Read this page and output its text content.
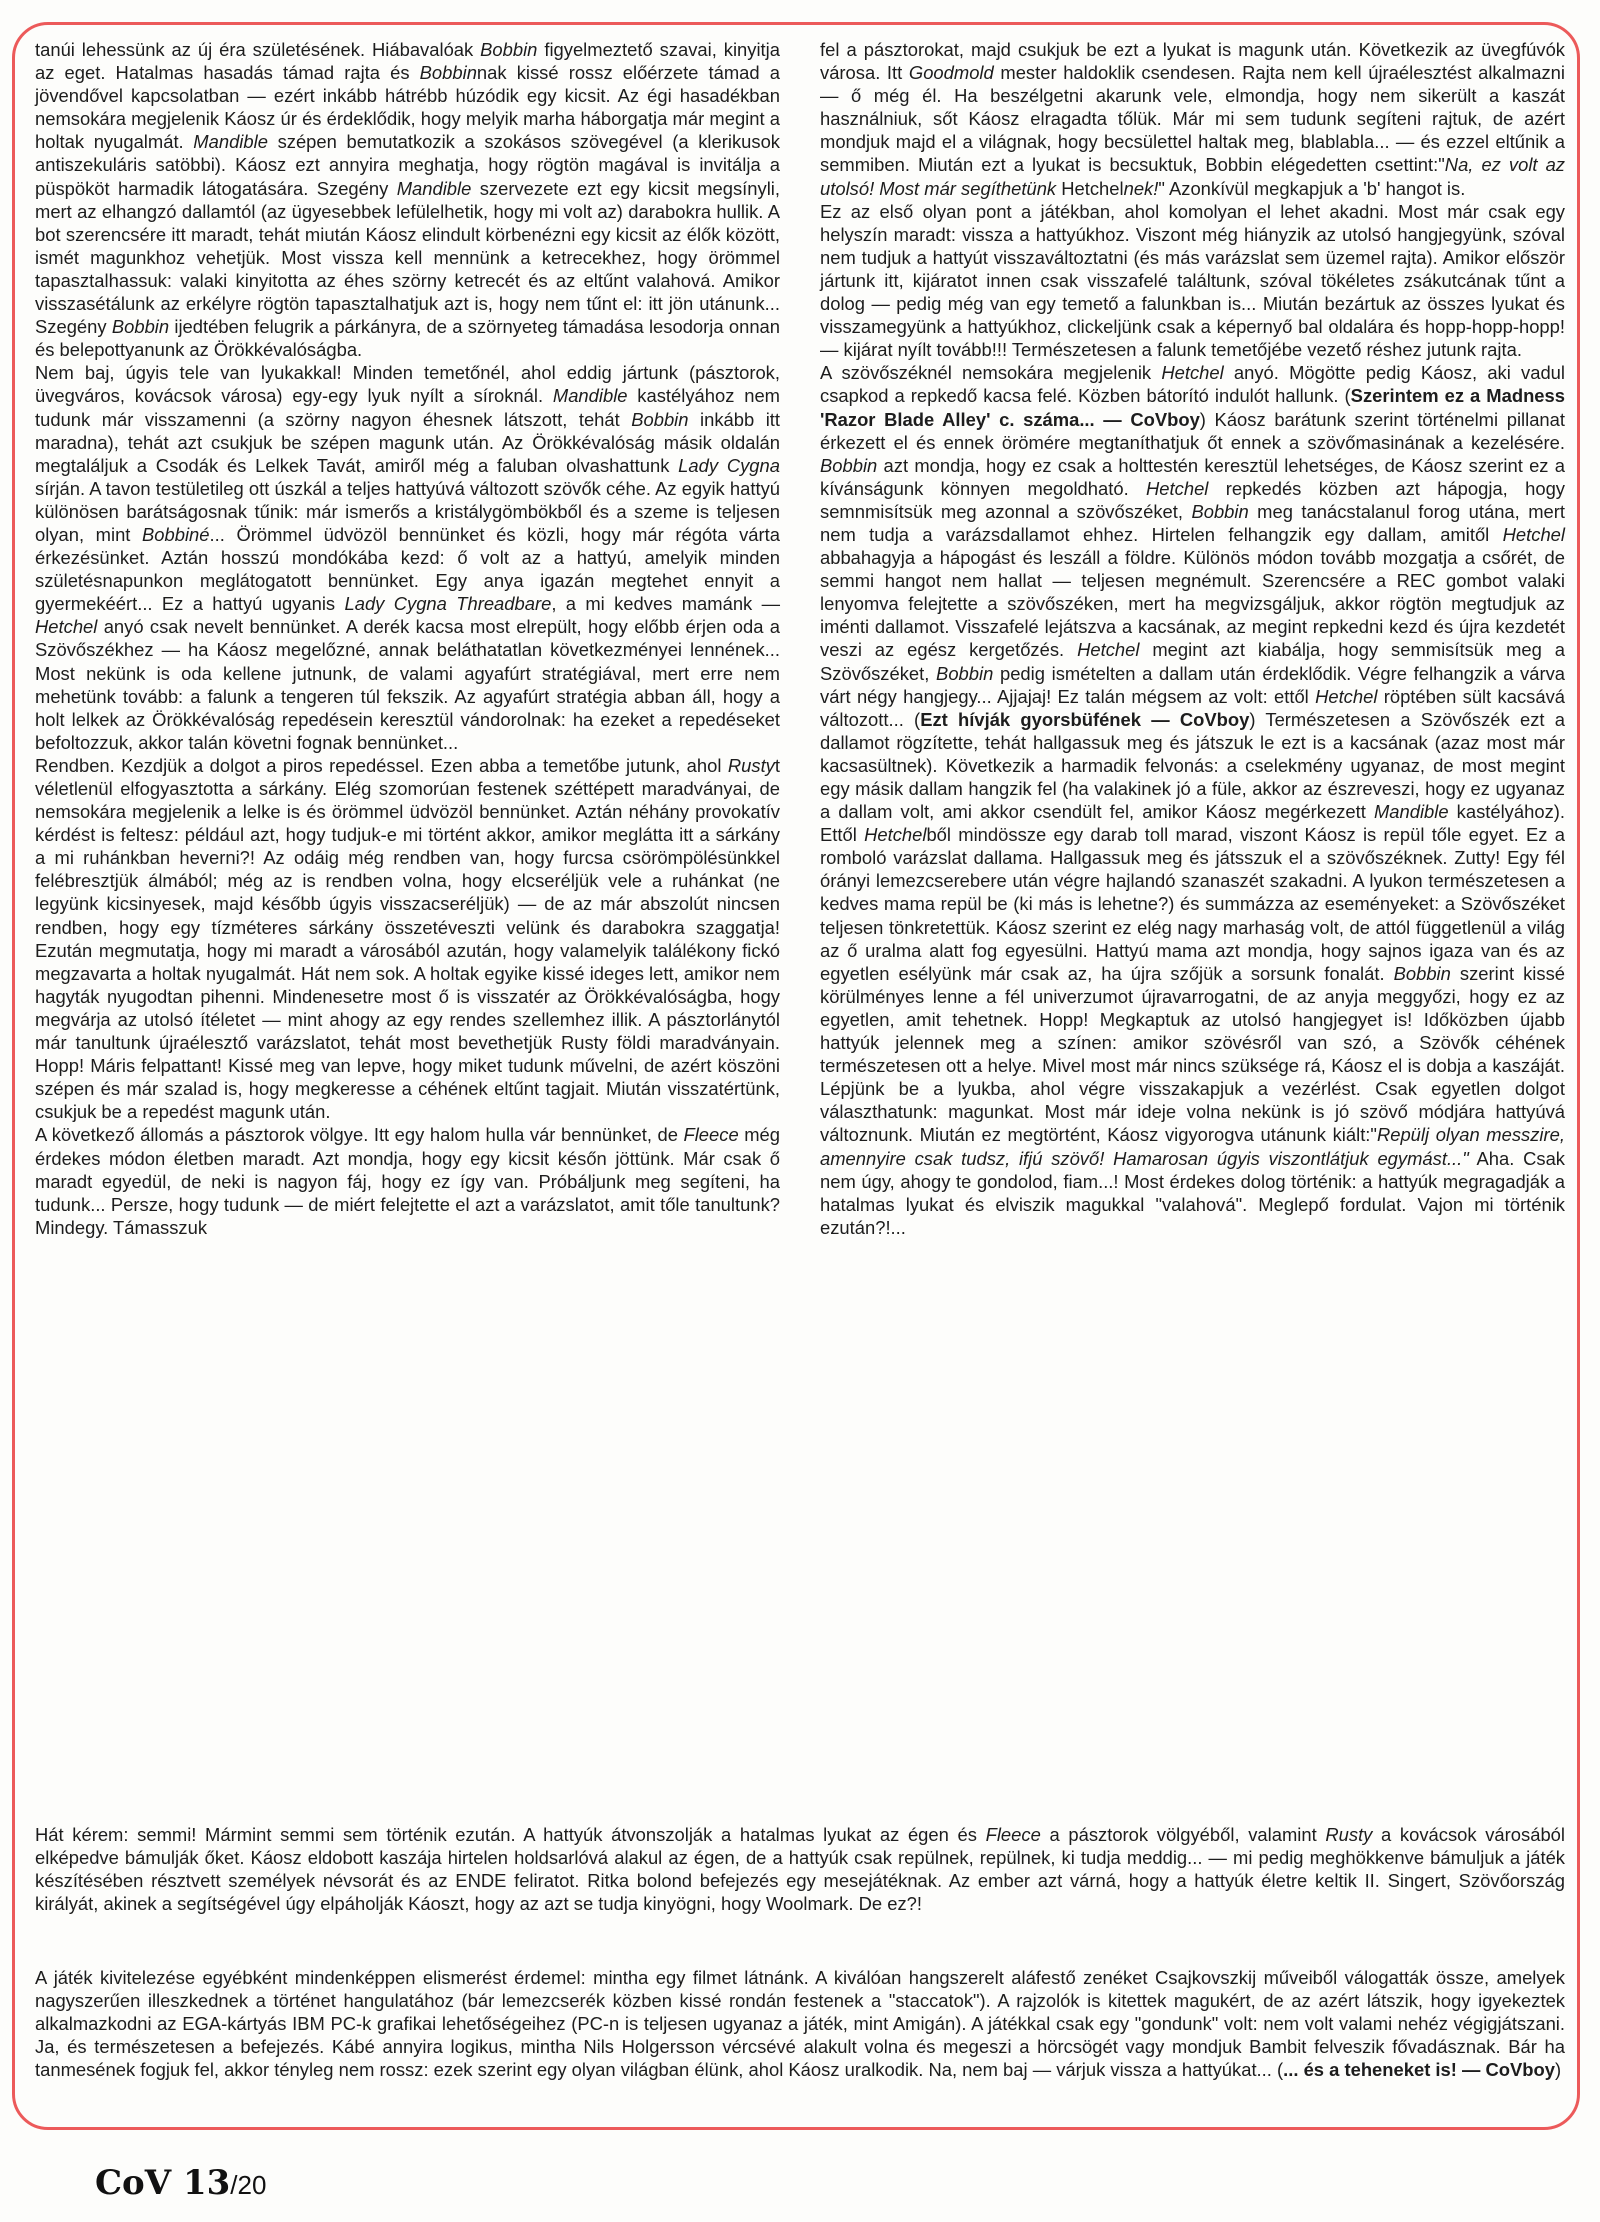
tanúi lehessünk az új éra születésének. Hiábavalóak Bobbin figyelmeztető szavai, kinyitja az eget. Hatalmas hasadás támad rajta és Bobbinnak kissé rossz előérzete támad a jövendővel kapcsolatban — ezért inkább hátrébb húzódik egy kicsit. Az égi hasadékban nemsokára megjelenik Káosz úr és érdeklődik, hogy melyik marha háborgatja már megint a holtak nyugalmát. Mandible szépen bemutatkozik a szokásos szövegével (a klerikusok antiszekuláris satöbbi). Káosz ezt annyira meghatja, hogy rögtön magával is invitálja a püspököt harmadik látogatására. Szegény Mandible szervezete ezt egy kicsit megsínyli, mert az elhangzó dallamtól (az ügyesebbek lefülelhetik, hogy mi volt az) darabokra hullik. A bot szerencsére itt maradt, tehát miután Káosz elindult körbenézni egy kicsit az élők között, ismét magunkhoz vehetjük. Most vissza kell mennünk a ketrecekhez, hogy örömmel tapasztalhassuk: valaki kinyitotta az éhes szörny ketrecét és az eltűnt valahová. Amikor visszasétálunk az erkélyre rögtön tapasztalhatjuk azt is, hogy nem tűnt el: itt jön utánunk... Szegény Bobbin ijedtében felugrik a párkányra, de a szörnyeteg támadása lesodorja onnan és belepottyanunk az Örökkévalóságba.

Nem baj, úgyis tele van lyukakkal! Minden temetőnél, ahol eddig jártunk (pásztorok, üvegváros, kovácsok városa) egy-egy lyuk nyílt a síroknál. Mandible kastélyához nem tudunk már visszamenni (a szörny nagyon éhesnek látszott, tehát Bobbin inkább itt maradna), tehát azt csukjuk be szépen magunk után. Az Örökkévalóság másik oldalán megtaláljuk a Csodák és Lelkek Tavát, amiről még a faluban olvashattunk Lady Cygna sírján. A tavon testületileg ott úszkál a teljes hattyúvá változott szövők céhe. Az egyik hattyú különösen barátságosnak tűnik: már ismerős a kristálygömbökből és a szeme is teljesen olyan, mint Bobbiné... Örömmel üdvözöl bennünket és közli, hogy már régóta várta érkezésünket. Aztán hosszú mondókába kezd: ő volt az a hattyú, amelyik minden születésnapunkon meglátogatott bennünket. Egy anya igazán megtehet ennyit a gyermekéért... Ez a hattyú ugyanis Lady Cygna Threadbare, a mi kedves mamánk — Hetchel anyó csak nevelt bennünket. A derék kacsa most elrepült, hogy előbb érjen oda a Szövőszékhez — ha Káosz megelőzné, annak beláthatatlan következményei lennének... Most nekünk is oda kellene jutnunk, de valami agyafúrt stratégiával, mert erre nem mehetünk tovább: a falunk a tengeren túl fekszik. Az agyafúrt stratégia abban áll, hogy a holt lelkek az Örökkévalóság repedésein keresztül vándorolnak: ha ezeket a repedéseket befoltozzuk, akkor talán követni fognak bennünket...

Rendben. Kezdjük a dolgot a piros repedéssel. Ezen abba a temetőbe jutunk, ahol Rustyt véletlenül elfogyasztotta a sárkány. Elég szomorúan festenek széttépett maradványai, de nemsokára megjelenik a lelke is és örömmel üdvözöl bennünket. Aztán néhány provokatív kérdést is feltesz: például azt, hogy tudjuk-e mi történt akkor, amikor meglátta itt a sárkány a mi ruhánkban heverni?! Az odáig még rendben van, hogy furcsa csörömpölésünkkel felébresztjük álmából; még az is rendben volna, hogy elcseréljük vele a ruhánkat (ne legyünk kicsinyesek, majd később úgyis visszacseréljük) — de az már abszolút nincsen rendben, hogy egy tízméteres sárkány összetéveszti velünk és darabokra szaggatja! Ezután megmutatja, hogy mi maradt a városából azután, hogy valamelyik találékony fickó megzavarta a holtak nyugalmát. Hát nem sok. A holtak egyike kissé ideges lett, amikor nem hagyták nyugodtan pihenni. Mindenesetre most ő is visszatér az Örökkévalóságba, hogy megvárja az utolsó ítéletet — mint ahogy az egy rendes szellemhez illik. A pásztorlánytól már tanultunk újraélesztő varázslatot, tehát most bevethetjük Rusty földi maradványain. Hopp! Máris felpattant! Kissé meg van lepve, hogy miket tudunk művelni, de azért köszöni szépen és már szalad is, hogy megkeresse a céhének eltűnt tagjait. Miután visszatértünk, csukjuk be a repedést magunk után.

A következő állomás a pásztorok völgye. Itt egy halom hulla vár bennünket, de Fleece még érdekes módon életben maradt. Azt mondja, hogy egy kicsit későn jöttünk. Már csak ő maradt egyedül, de neki is nagyon fáj, hogy ez így van. Próbáljunk meg segíteni, ha tudunk... Persze, hogy tudunk — de miért felejtette el azt a varázslatot, amit tőle tanultunk? Mindegy. Támasszuk

fel a pásztorokat, majd csukjuk be ezt a lyukat is magunk után. Következik az üvegfúvók városa. Itt Goodmold mester haldoklik csendesen. Rajta nem kell újraélesztést alkalmazni — ő még él. Ha beszélgetni akarunk vele, elmondja, hogy nem sikerült a kaszát használniuk, sőt Káosz elragadta tőlük. Már mi sem tudunk segíteni rajtuk, de azért mondjuk majd el a világnak, hogy becsülettel haltak meg, blablabla... — és ezzel eltűnik a semmiben. Miután ezt a lyukat is becsuktuk, Bobbin elégedetten csettint:"Na, ez volt az utolsó! Most már segíthetünk Hetchelnek!" Azonkívül megkapjuk a 'b' hangot is.

Ez az első olyan pont a játékban, ahol komolyan el lehet akadni. Most már csak egy helyszín maradt: vissza a hattyúkhoz. Viszont még hiányzik az utolsó hangjegyünk, szóval nem tudjuk a hattyút visszaváltoztatni (és más varázslat sem üzemel rajta). Amikor először jártunk itt, kijáratot innen csak visszafelé találtunk, szóval tökéletes zsákutcának tűnt a dolog — pedig még van egy temető a falunkban is... Miután bezártuk az összes lyukat és visszamegyünk a hattyúkhoz, clickeljünk csak a képernyő bal oldalára és hopp-hopp-hopp! — kijárat nyílt tovább!!! Természetesen a falunk temetőjébe vezető réshez jutunk rajta.

A szövőszéknél nemsokára megjelenik Hetchel anyó. Mögötte pedig Káosz, aki vadul csapkod a repkedő kacsa felé. Közben bátorító indulót hallunk. (Szerintem ez a Madness 'Razor Blade Alley' c. száma... — CoVboy) Káosz barátunk szerint történelmi pillanat érkezett el és ennek örömére megtaníthatjuk őt ennek a szövőmasinának a kezelésére. Bobbin azt mondja, hogy ez csak a holttestén keresztül lehetséges, de Káosz szerint ez a kívánságunk könnyen megoldható. Hetchel repkedés közben azt hápogja, hogy semnmisítsük meg azonnal a szövőszéket, Bobbin meg tanácstalanul forog utána, mert nem tudja a varázsdallamot ehhez. Hirtelen felhangzik egy dallam, amitől Hetchel abbahagyja a hápogást és leszáll a földre. Különös módon tovább mozgatja a csőrét, de semmi hangot nem hallat — teljesen megnémult. Szerencsére a REC gombot valaki lenyomva felejtette a szövőszéken, mert ha megvizsgáljuk, akkor rögtön megtudjuk az iménti dallamot. Visszafelé lejátszva a kacsának, az megint repkedni kezd és újra kezdetét veszi az egész kergetőzés. Hetchel megint azt kiabálja, hogy semmisítsük meg a Szövőszéket, Bobbin pedig ismételten a dallam után érdeklődik. Végre felhangzik a várva várt négy hangjegy... Ajjajaj! Ez talán mégsem az volt: ettől Hetchel röptében sült kacsává változott... (Ezt hívják gyorsbüfének — CoVboy) Természetesen a Szövőszék ezt a dallamot rögzítette, tehát hallgassuk meg és játszuk le ezt is a kacsának (azaz most már kacsasültnek). Következik a harmadik felvonás: a cselekmény ugyanaz, de most megint egy másik dallam hangzik fel (ha valakinek jó a füle, akkor az észreveszi, hogy ez ugyanaz a dallam volt, ami akkor csendült fel, amikor Káosz megérkezett Mandible kastélyához). Ettől Hetchelből mindössze egy darab toll marad, viszont Káosz is repül tőle egyet. Ez a romboló varázslat dallama. Hallgassuk meg és játsszuk el a szövőszéknek. Zutty! Egy fél órányi lemezcserebere után végre hajlandó szanaszét szakadni. A lyukon természetesen a kedves mama repül be (ki más is lehetne?) és summázza az eseményeket: a Szövőszéket teljesen tönkretettük. Káosz szerint ez elég nagy marhaság volt, de attól függetlenül a világ az ő uralma alatt fog egyesülni. Hattyú mama azt mondja, hogy sajnos igaza van és az egyetlen esélyünk már csak az, ha újra szőjük a sorsunk fonalát. Bobbin szerint kissé körülményes lenne a fél univerzumot újravarrogatni, de az anyja meggyőzi, hogy ez az egyetlen, amit tehetnek. Hopp! Megkaptuk az utolsó hangjegyet is! Időközben újabb hattyúk jelennek meg a színen: amikor szövésről van szó, a Szövők céhének természetesen ott a helye. Mivel most már nincs szüksége rá, Káosz el is dobja a kaszáját. Lépjünk be a lyukba, ahol végre visszakapjuk a vezérlést. Csak egyetlen dolgot választhatunk: magunkat. Most már ideje volna nekünk is jó szövő módjára hattyúvá változnunk. Miután ez megtörtént, Káosz vigyorogva utánunk kiált:"Repülj olyan messzire, amennyire csak tudsz, ifjú szövő! Hamarosan úgyis viszontlátjuk egymást..." Aha. Csak nem úgy, ahogy te gondolod, fiam...! Most érdekes dolog történik: a hattyúk megragadják a hatalmas lyukat és elviszik magukkal "valahová". Meglepő fordulat. Vajon mi történik ezután?!...

Hát kérem: semmi! Mármint semmi sem történik ezután. A hattyúk átvonszolják a hatalmas lyukat az égen és Fleece a pásztorok völgyéből, valamint Rusty a kovácsok városából elképedve bámulják őket. Káosz eldobott kaszája hirtelen holdsarlóvá alakul az égen, de a hattyúk csak repülnek, repülnek, ki tudja meddig... — mi pedig meghökkenve bámuljuk a játék készítésében résztvett személyek névsorát és az ENDE feliratot. Ritka bolond befejezés egy mesejátéknak. Az ember azt várná, hogy a hattyúk életre keltik II. Singert, Szövőország királyát, akinek a segítségével úgy elpáholják Káoszt, hogy az azt se tudja kinyögni, hogy Woolmark. De ez?!

A játék kivitelezése egyébként mindenképpen elismerést érdemel: mintha egy filmet látnánk. A kiválóan hangszerelt aláfestő zenéket Csajkovszkij műveiből válogatták össze, amelyek nagyszerűen illeszkednek a történet hangulatához (bár lemezcserék közben kissé rondán festenek a "staccatok"). A rajzolók is kitettek magukért, de az azért látszik, hogy igyekeztek alkalmazkodni az EGA-kártyás IBM PC-k grafikai lehetőségeihez (PC-n is teljesen ugyanaz a játék, mint Amigán). A játékkal csak egy "gondunk" volt: nem volt valami nehéz végigjátszani. Ja, és természetesen a befejezés. Kábé annyira logikus, mintha Nils Holgersson vércsévé alakult volna és megeszi a hörcsögét vagy mondjuk Bambit felveszik fővadásznak. Bár ha tanmesének fogjuk fel, akkor tényleg nem rossz: ezek szerint egy olyan világban élünk, ahol Káosz uralkodik. Na, nem baj — várjuk vissza a hattyúkat... (... és a teheneket is! — CoVboy)

CoV 13/20
